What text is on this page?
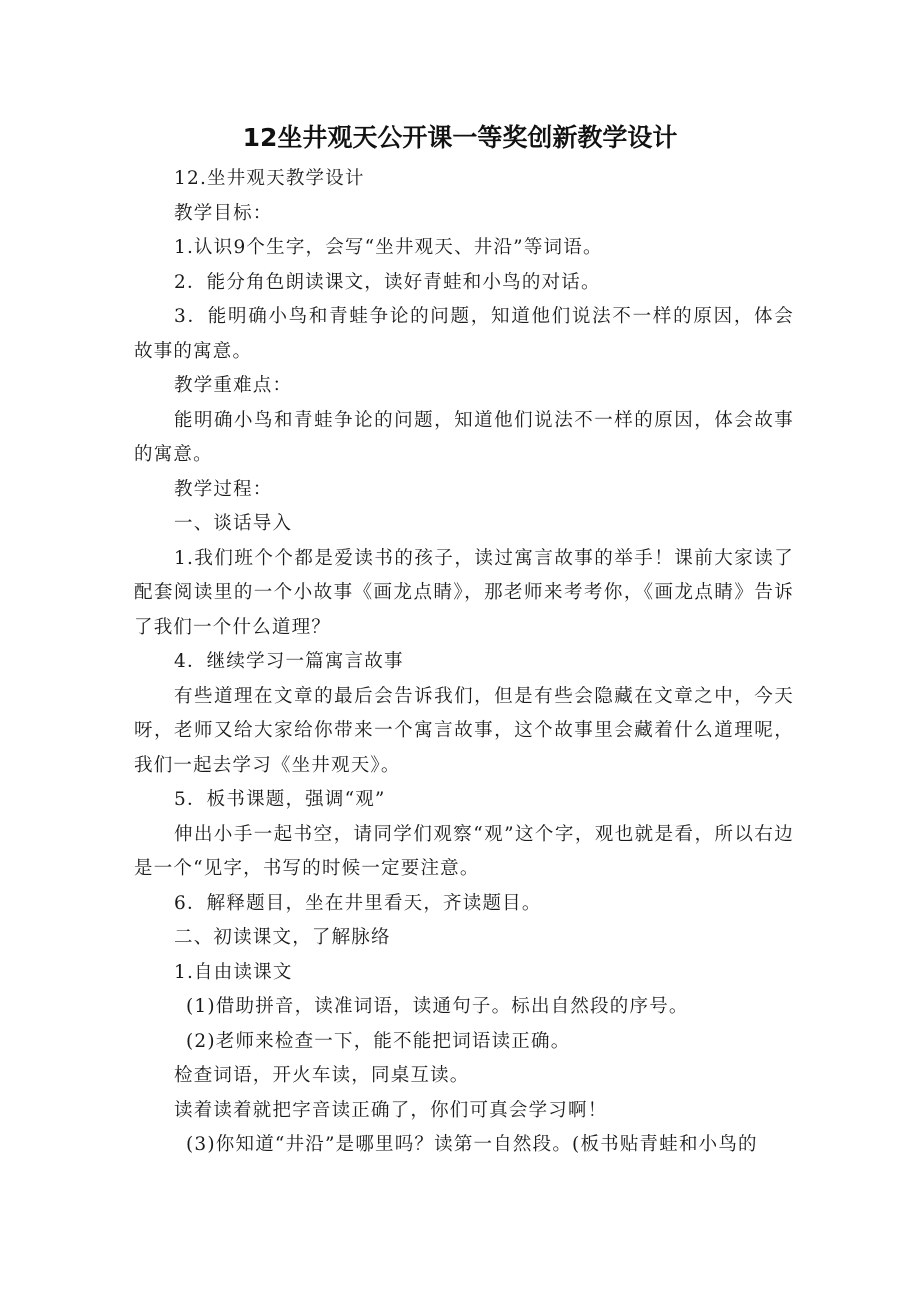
12坐井观天公开课一等奖创新教学设计

12.坐井观天教学设计

教学目标：

1.认识9个生字，会写“坐井观天、井沿”等词语。

2．能分角色朗读课文，读好青蛙和小鸟的对话。

3．能明确小鸟和青蛙争论的问题，知道他们说法不一样的原因，体会故事的寓意。

教学重难点：

能明确小鸟和青蛙争论的问题，知道他们说法不一样的原因，体会故事的寓意。

教学过程：

一、谈话导入

1.我们班个个都是爱读书的孩子，读过寓言故事的举手！课前大家读了配套阅读里的一个小故事《画龙点睛》，那老师来考考你，《画龙点睛》告诉了我们一个什么道理？

4．继续学习一篇寓言故事

有些道理在文章的最后会告诉我们，但是有些会隐藏在文章之中，今天呀，老师又给大家给你带来一个寓言故事，这个故事里会藏着什么道理呢，我们一起去学习《坐井观天》。

5．板书课题，强调“观”

伸出小手一起书空，请同学们观察“观”这个字，观也就是看，所以右边是一个“见字，书写的时候一定要注意。

6．解释题目，坐在井里看天，齐读题目。

二、初读课文，了解脉络

1.自由读课文

(1)借助拼音，读准词语，读通句子。标出自然段的序号。

(2)老师来检查一下，能不能把词语读正确。

检查词语，开火车读，同桌互读。

读着读着就把字音读正确了，你们可真会学习啊！

(3)你知道“井沿”是哪里吗？读第一自然段。(板书贴青蛙和小鸟的
